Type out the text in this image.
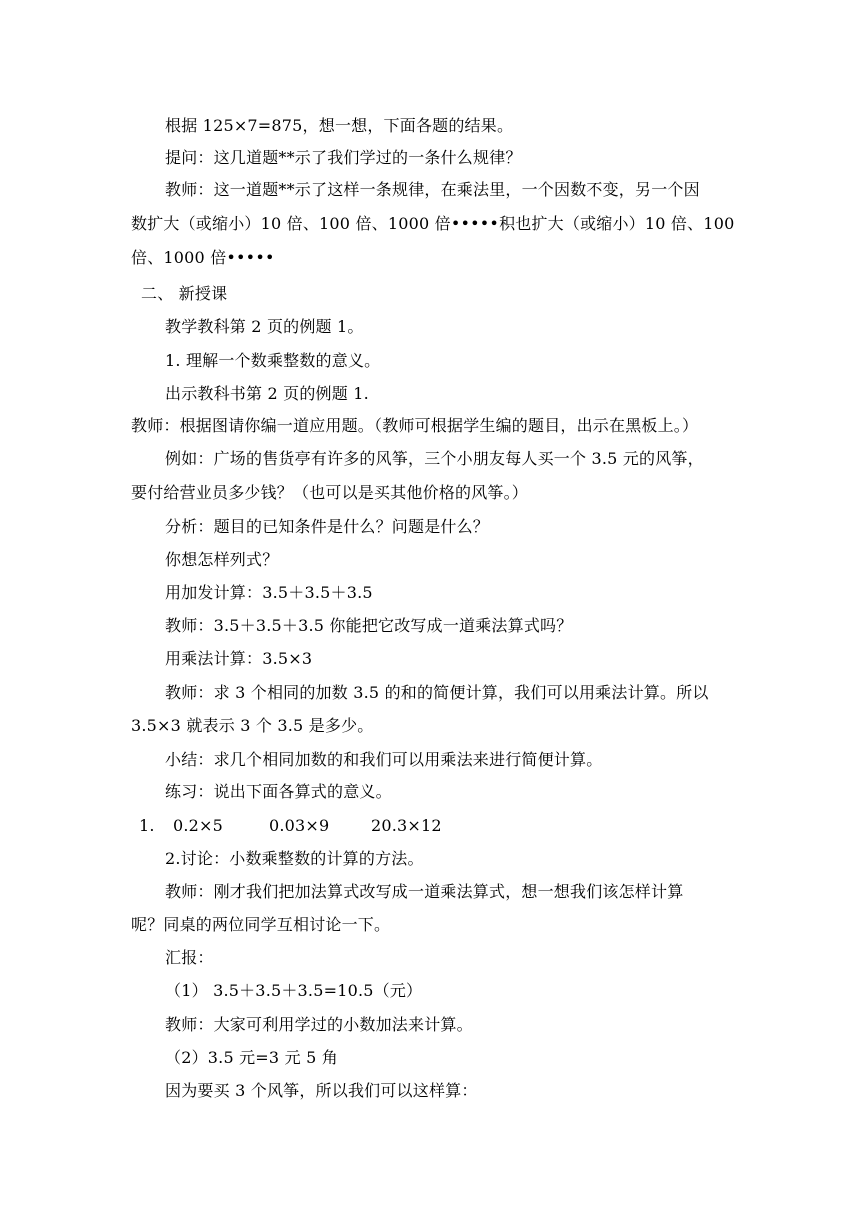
根据 125×7=875，想一想，下面各题的结果。
提问：这几道题**示了我们学过的一条什么规律？
教师：这一道题**示了这样一条规律，在乘法里，一个因数不变，另一个因
数扩大（或缩小）10 倍、100 倍、1000 倍•••••积也扩大（或缩小）10 倍、100
倍、1000 倍•••••
二、 新授课
教学教科第 2 页的例题 1。
1. 理解一个数乘整数的意义。
出示教科书第 2 页的例题 1.
教师：根据图请你编一道应用题。（教师可根据学生编的题目，出示在黑板上。）
例如：广场的售货亭有许多的风筝，三个小朋友每人买一个 3.5 元的风筝，
要付给营业员多少钱？（也可以是买其他价格的风筝。）
分析：题目的已知条件是什么？问题是什么？
你想怎样列式？
用加发计算：3.5＋3.5＋3.5
教师：3.5＋3.5＋3.5 你能把它改写成一道乘法算式吗？
用乘法计算：3.5×3
教师：求 3 个相同的加数 3.5 的和的简便计算，我们可以用乘法计算。所以
3.5×3 就表示 3 个 3.5 是多少。
小结：求几个相同加数的和我们可以用乘法来进行简便计算。
练习：说出下面各算式的意义。
1. 0.2×5	0.03×9	20.3×12
2.讨论：小数乘整数的计算的方法。
教师：刚才我们把加法算式改写成一道乘法算式，想一想我们该怎样计算
呢？同桌的两位同学互相讨论一下。
汇报：
（1） 3.5＋3.5＋3.5=10.5（元）
教师：大家可利用学过的小数加法来计算。
（2）3.5 元=3 元 5 角
因为要买 3 个风筝，所以我们可以这样算：
